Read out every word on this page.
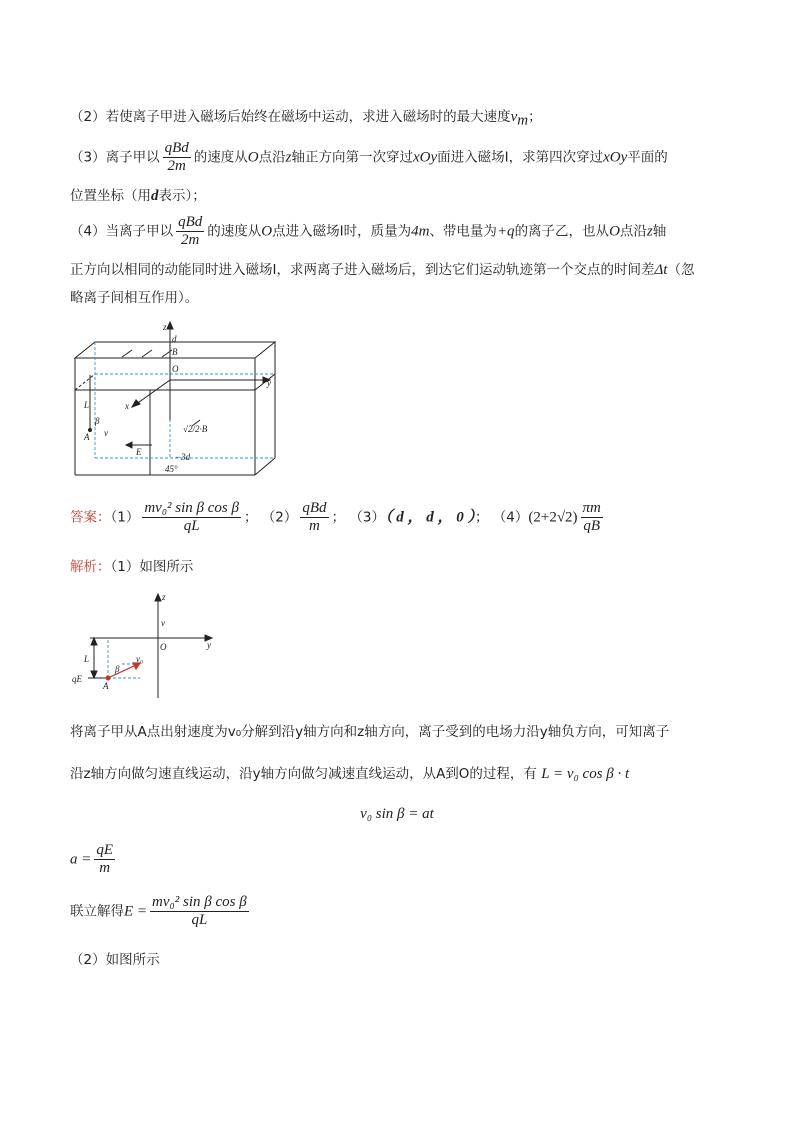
（2）若使离子甲进入磁场后始终在磁场中运动，求进入磁场时的最大速度$v_m$；
（3）离子甲以 $\frac{\text{qBd}}{2m}$ 的速度从O点沿z轴正方向第一次穿过xOy面进入磁场Ⅰ，求第四次穿过xOy平面的
位置坐标（用d表示）；
（4）当离子甲以 $\frac{\text{qBd}}{2m}$ 的速度从O点进入磁场Ⅰ时，质量为4m、带电量为+q的离子乙，也从O点沿z轴
正方向以相同的动能同时进入磁场Ⅰ，求两离子进入磁场后，到达它们运动轨迹第一个交点的时间差Δt（忽
略离子间相互作用）。
z
d
B
O
y
x
L
β
A v	√2/2·B
E	−3d
45°
答案：$(1) \frac{\text{mv₀² sin β cos β}}{qL}$ ； $(2) \frac{\text{qBd}}{m}$ ； （3）（ d ， d ， 0 ）； $(4)(2+2√2) \frac{\pi m}{qB}$
解析：（1）如图所示
z
v
y
O
L
β
v₀
qE
A
将离子甲从A点出射速度为v₀分解到沿y轴方向和z轴方向，离子受到的电场力沿y轴负方向，可知离子
沿z轴方向做匀速直线运动，沿y轴方向做匀减速直线运动，从A到O的过程，有 L = v₀ cos β · t
v₀ sin β = at
$a = \frac{qE}{m}$
联立解得$E = \frac{\text{mv₀² sin β cos β}}{qL}$
（2）如图所示
